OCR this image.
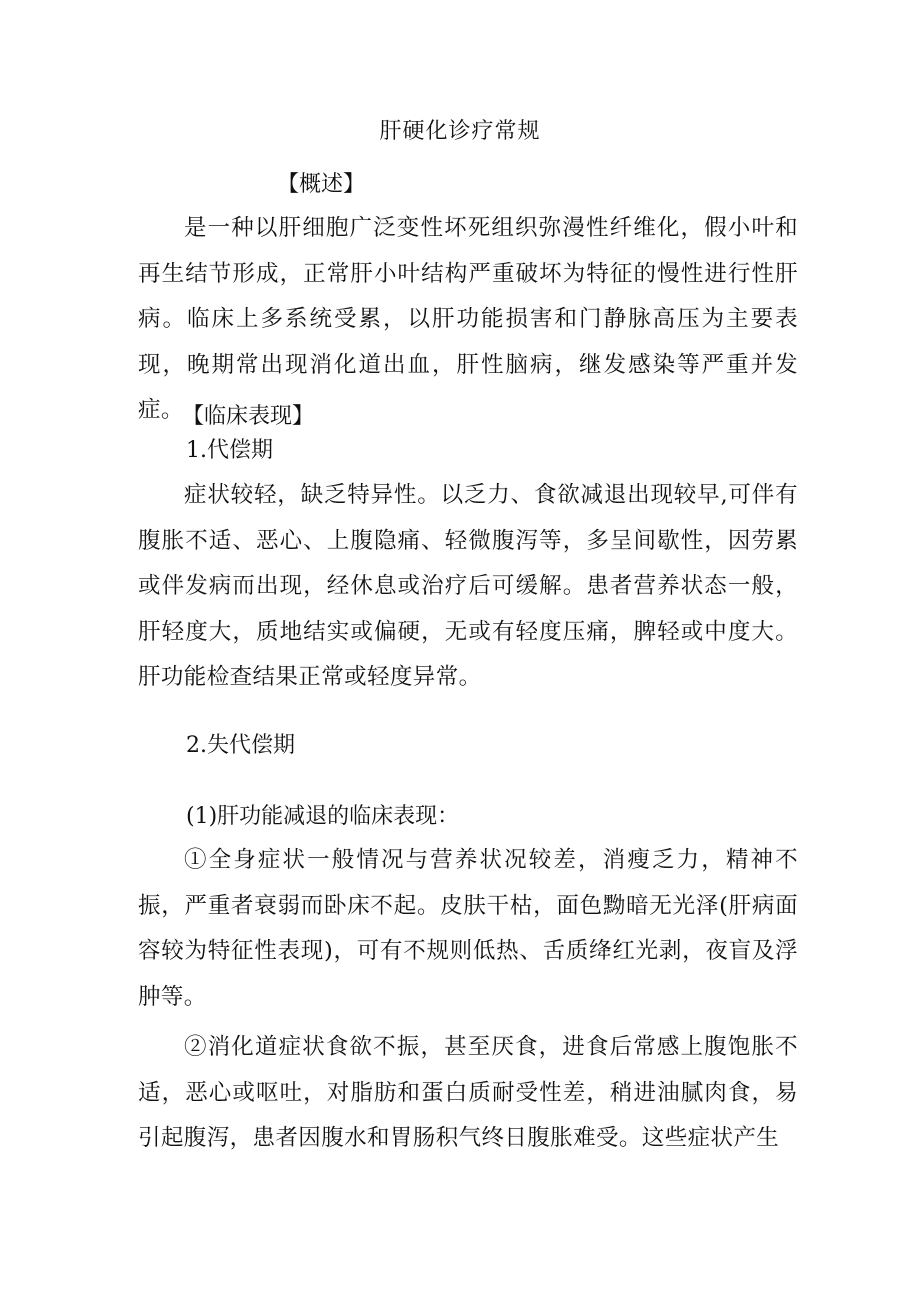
肝硬化诊疗常规
【概述】
是一种以肝细胞广泛变性坏死组织弥漫性纤维化，假小叶和再生结节形成，正常肝小叶结构严重破坏为特征的慢性进行性肝病。临床上多系统受累，以肝功能损害和门静脉高压为主要表现，晚期常出现消化道出血，肝性脑病，继发感染等严重并发症。
【临床表现】
1.代偿期
症状较轻，缺乏特异性。以乏力、食欲减退出现较早,可伴有腹胀不适、恶心、上腹隐痛、轻微腹泻等，多呈间歇性，因劳累或伴发病而出现，经休息或治疗后可缓解。患者营养状态一般，肝轻度大，质地结实或偏硬，无或有轻度压痛，脾轻或中度大。肝功能检查结果正常或轻度异常。
2.失代偿期
(1)肝功能减退的临床表现：
①全身症状一般情况与营养状况较差，消瘦乏力，精神不振，严重者衰弱而卧床不起。皮肤干枯，面色黝暗无光泽(肝病面容较为特征性表现)，可有不规则低热、舌质绛红光剥，夜盲及浮肿等。
②消化道症状食欲不振，甚至厌食，进食后常感上腹饱胀不适，恶心或呕吐，对脂肪和蛋白质耐受性差，稍进油腻肉食，易引起腹泻，患者因腹水和胃肠积气终日腹胀难受。这些症状产生
